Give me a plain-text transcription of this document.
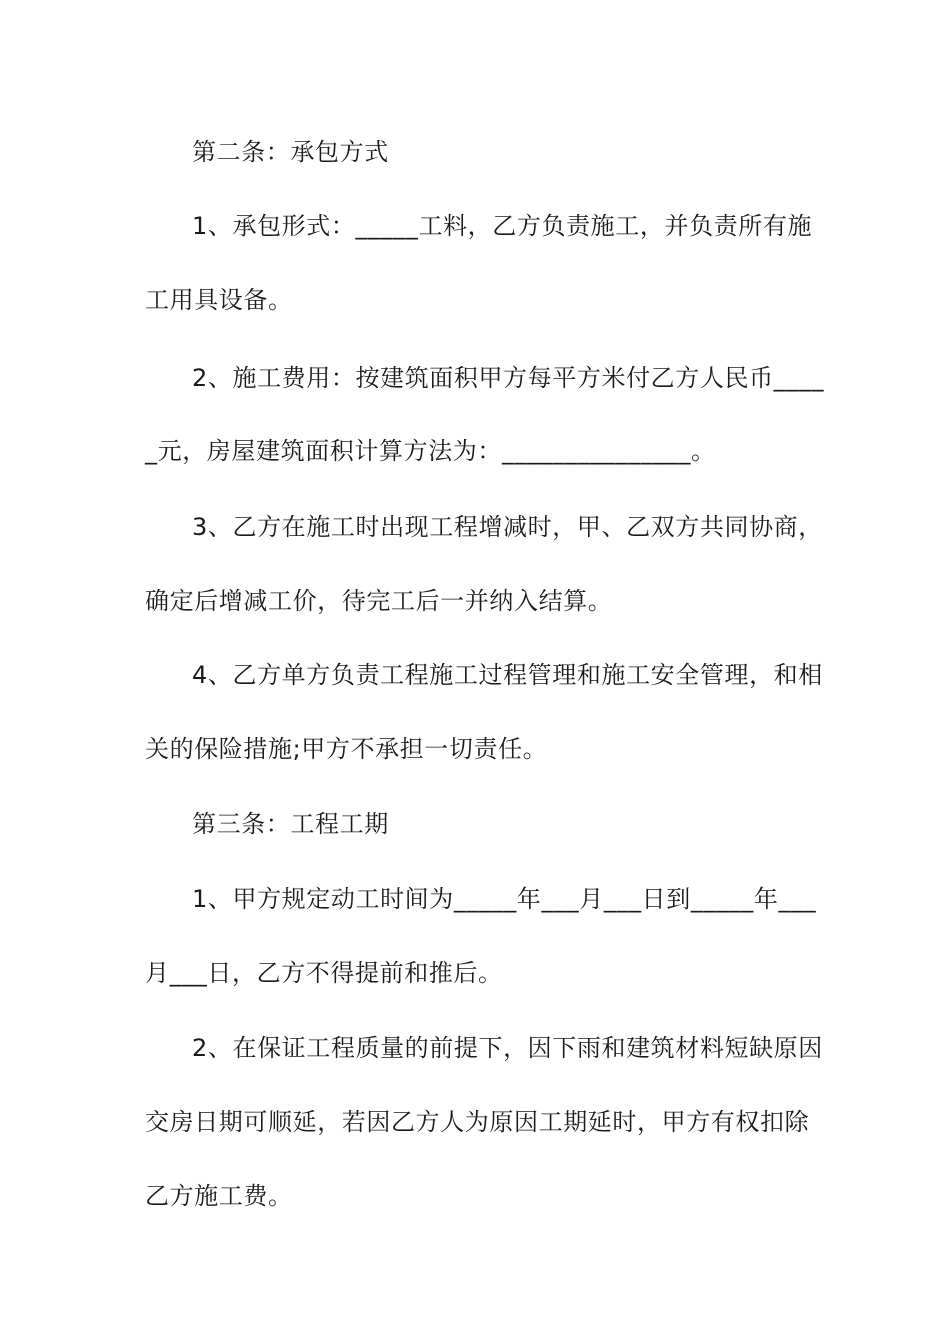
第二条：承包方式
1、承包形式：_____工料，乙方负责施工，并负责所有施
工用具设备。
2、施工费用：按建筑面积甲方每平方米付乙方人民币____
_元，房屋建筑面积计算方法为：_______________。
3、乙方在施工时出现工程增减时，甲、乙双方共同协商，
确定后增减工价，待完工后一并纳入结算。
4、乙方单方负责工程施工过程管理和施工安全管理，和相
关的保险措施;甲方不承担一切责任。
第三条：工程工期
1、甲方规定动工时间为_____年___月___日到_____年___
月___日，乙方不得提前和推后。
2、在保证工程质量的前提下，因下雨和建筑材料短缺原因
交房日期可顺延，若因乙方人为原因工期延时，甲方有权扣除
乙方施工费。
